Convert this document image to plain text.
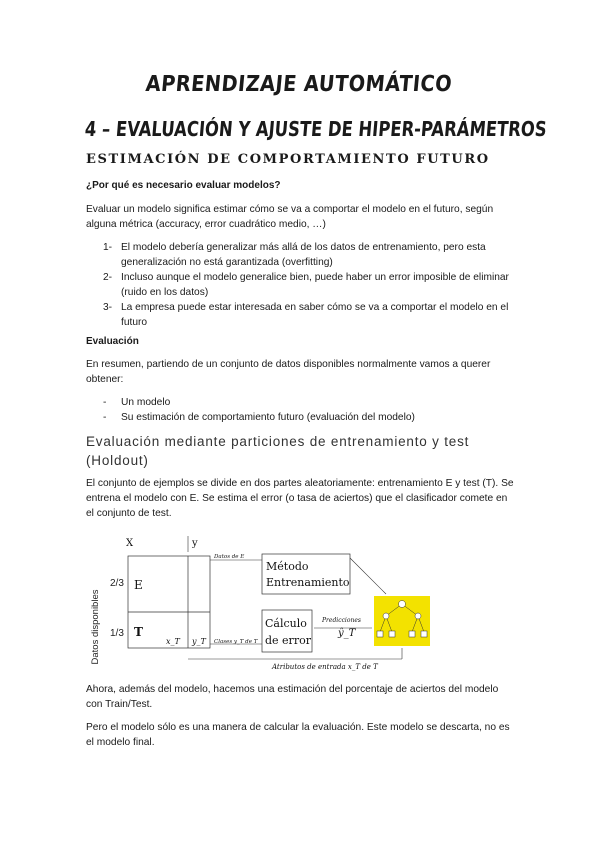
APRENDIZAJE AUTOMÁTICO
4 – EVALUACIÓN Y AJUSTE DE HIPER-PARÁMETROS
ESTIMACIÓN DE COMPORTAMIENTO FUTURO
¿Por qué es necesario evaluar modelos?

Evaluar un modelo significa estimar cómo se va a comportar el modelo en el futuro, según alguna métrica (accuracy, error cuadrático medio, …)

1- El modelo debería generalizar más allá de los datos de entrenamiento, pero esta generalización no está garantizada (overfitting)
2- Incluso aunque el modelo generalice bien, puede haber un error imposible de eliminar (ruido en los datos)
3- La empresa puede estar interesada en saber cómo se va a comportar el modelo en el futuro
Evaluación

En resumen, partiendo de un conjunto de datos disponibles normalmente vamos a querer obtener:

- Un modelo
- Su estimación de comportamiento futuro (evaluación del modelo)
Evaluación mediante particiones de entrenamiento y test (Holdout)

El conjunto de ejemplos se divide en dos partes aleatoriamente: entrenamiento E y test (T). Se entrena el modelo con E. Se estima el error (o tasa de aciertos) que el clasificador comete en el conjunto de test.

X	y
Datos disponibles
2/3
1/3
E
T
x_T y_T
Datos de E
Clases y_T de T
Método
Entrenamiento
Cálculo
de error
Predicciones
ŷ_T
Atributos de entrada x_T de T

Ahora, además del modelo, hacemos una estimación del porcentaje de aciertos del modelo con Train/Test.

Pero el modelo sólo es una manera de calcular la evaluación. Este modelo se descarta, no es el modelo final.
